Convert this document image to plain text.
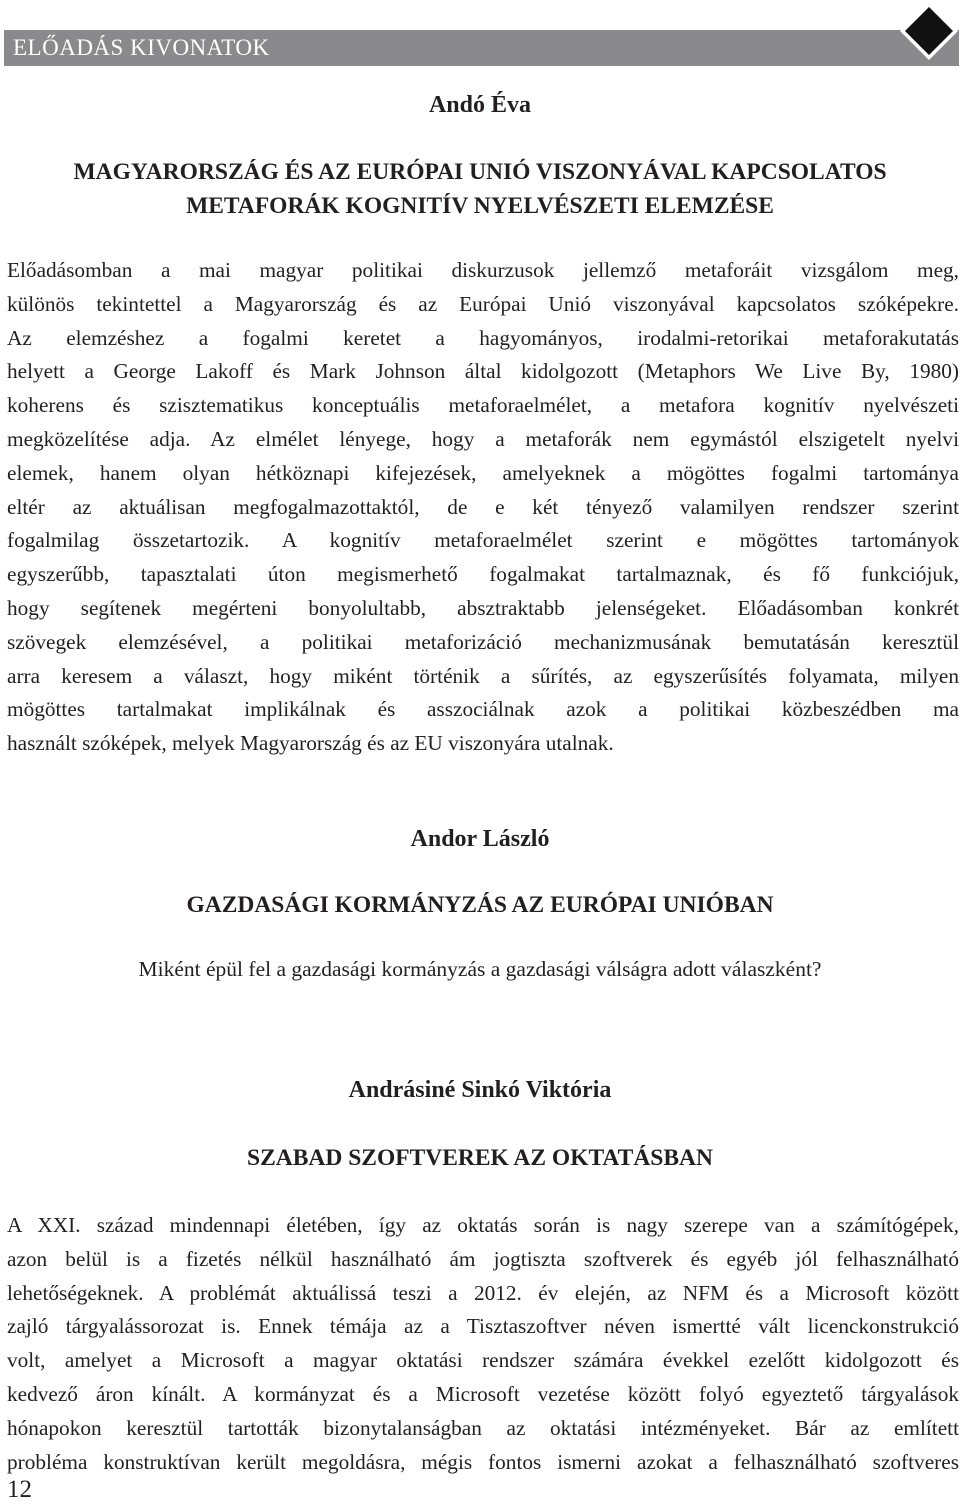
ELŐADÁS KIVONATOK
Andó Éva
MAGYARORSZÁG ÉS AZ EURÓPAI UNIÓ VISZONYÁVAL KAPCSOLATOS
METAFORÁK KOGNITÍV NYELVÉSZETI ELEMZÉSE
Előadásomban a mai magyar politikai diskurzusok jellemző metaforáit vizsgálom meg,
különös tekintettel a Magyarország és az Európai Unió viszonyával kapcsolatos szóképekre.
Az elemzéshez a fogalmi keretet a hagyományos, irodalmi-retorikai metaforakutatás
helyett a George Lakoff és Mark Johnson által kidolgozott (Metaphors We Live By, 1980)
koherens és szisztematikus konceptuális metaforaelmélet, a metafora kognitív nyelvészeti
megközelítése adja. Az elmélet lényege, hogy a metaforák nem egymástól elszigetelt nyelvi
elemek, hanem olyan hétköznapi kifejezések, amelyeknek a mögöttes fogalmi tartománya
eltér az aktuálisan megfogalmazottaktól, de e két tényező valamilyen rendszer szerint
fogalmilag összetartozik. A kognitív metaforaelmélet szerint e mögöttes tartományok
egyszerűbb, tapasztalati úton megismerhető fogalmakat tartalmaznak, és fő funkciójuk,
hogy segítenek megérteni bonyolultabb, absztraktabb jelenségeket. Előadásomban konkrét
szövegek elemzésével, a politikai metaforizáció mechanizmusának bemutatásán keresztül
arra keresem a választ, hogy miként történik a sűrítés, az egyszerűsítés folyamata, milyen
mögöttes tartalmakat implikálnak és asszociálnak azok a politikai közbeszédben ma
használt szóképek, melyek Magyarország és az EU viszonyára utalnak.
Andor László
GAZDASÁGI KORMÁNYZÁS AZ EURÓPAI UNIÓBAN
Miként épül fel a gazdasági kormányzás a gazdasági válságra adott válaszként?
Andrásiné Sinkó Viktória
SZABAD SZOFTVEREK AZ OKTATÁSBAN
A XXI. század mindennapi életében, így az oktatás során is nagy szerepe van a számítógépek,
azon belül is a fizetés nélkül használható ám jogtiszta szoftverek és egyéb jól felhasználható
lehetőségeknek. A problémát aktuálissá teszi a 2012. év elején, az NFM és a Microsoft között
zajló tárgyalássorozat is. Ennek témája az a Tisztaszoftver néven ismertté vált licenckonstrukció
volt, amelyet a Microsoft a magyar oktatási rendszer számára évekkel ezelőtt kidolgozott és
kedvező áron kínált. A kormányzat és a Microsoft vezetése között folyó egyeztető tárgyalások
hónapokon keresztül tartották bizonytalanságban az oktatási intézményeket. Bár az említett
probléma konstruktívan került megoldásra, mégis fontos ismerni azokat a felhasználható szoftveres
12
